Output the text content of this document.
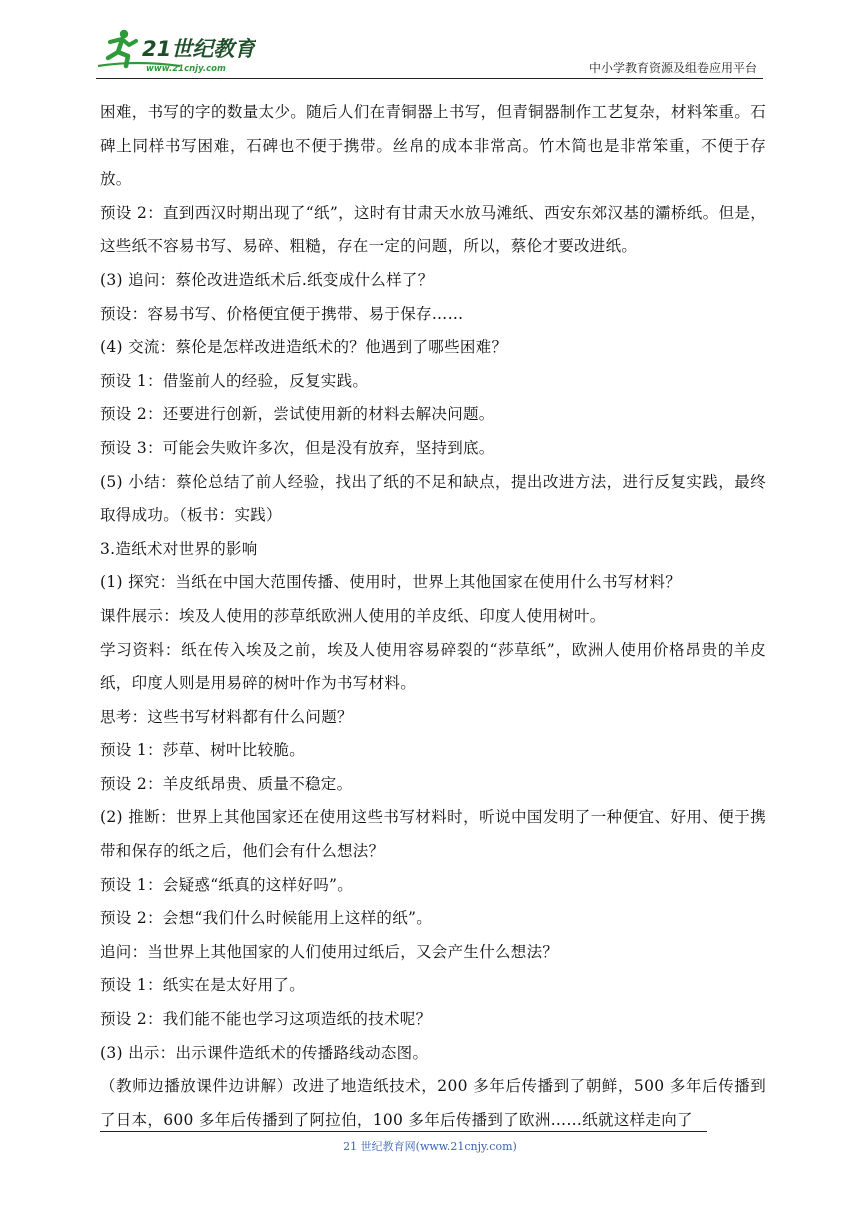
21世纪教育
www.21cnjy.com	中小学教育资源及组卷应用平台

困难，书写的字的数量太少。随后人们在青铜器上书写，但青铜器制作工艺复杂，材料笨重。石碑上同样书写困难，石碑也不便于携带。丝帛的成本非常高。竹木简也是非常笨重，不便于存放。

预设 2：直到西汉时期出现了“纸”，这时有甘肃天水放马滩纸、西安东郊汉基的灞桥纸。但是，这些纸不容易书写、易碎、粗糙，存在一定的问题，所以，蔡伦才要改进纸。

(3) 追问：蔡伦改进造纸术后.纸变成什么样了？

预设：容易书写、价格便宜便于携带、易于保存……

(4) 交流：蔡伦是怎样改进造纸术的？他遇到了哪些困难？

预设 1：借鉴前人的经验，反复实践。

预设 2：还要进行创新，尝试使用新的材料去解决问题。

预设 3：可能会失败许多次，但是没有放弃，坚持到底。

(5) 小结：蔡伦总结了前人经验，找出了纸的不足和缺点，提出改进方法，进行反复实践，最终取得成功。（板书：实践）

3.造纸术对世界的影响

(1) 探究：当纸在中国大范围传播、使用时，世界上其他国家在使用什么书写材料？

课件展示：埃及人使用的莎草纸欧洲人使用的羊皮纸、印度人使用树叶。

学习资料：纸在传入埃及之前，埃及人使用容易碎裂的“莎草纸”，欧洲人使用价格昂贵的羊皮纸，印度人则是用易碎的树叶作为书写材料。

思考：这些书写材料都有什么问题？

预设 1：莎草、树叶比较脆。

预设 2：羊皮纸昂贵、质量不稳定。

(2) 推断：世界上其他国家还在使用这些书写材料时，听说中国发明了一种便宜、好用、便于携带和保存的纸之后，他们会有什么想法？

预设 1：会疑惑“纸真的这样好吗”。

预设 2：会想“我们什么时候能用上这样的纸”。

追问：当世界上其他国家的人们使用过纸后，又会产生什么想法？

预设 1：纸实在是太好用了。

预设 2：我们能不能也学习这项造纸的技术呢？

(3) 出示：出示课件造纸术的传播路线动态图。

（教师边播放课件边讲解）改进了地造纸技术，200 多年后传播到了朝鲜，500 多年后传播到了日本，600 多年后传播到了阿拉伯，100 多年后传播到了欧洲……纸就这样走向了

21 世纪教育网(www.21cnjy.com)
